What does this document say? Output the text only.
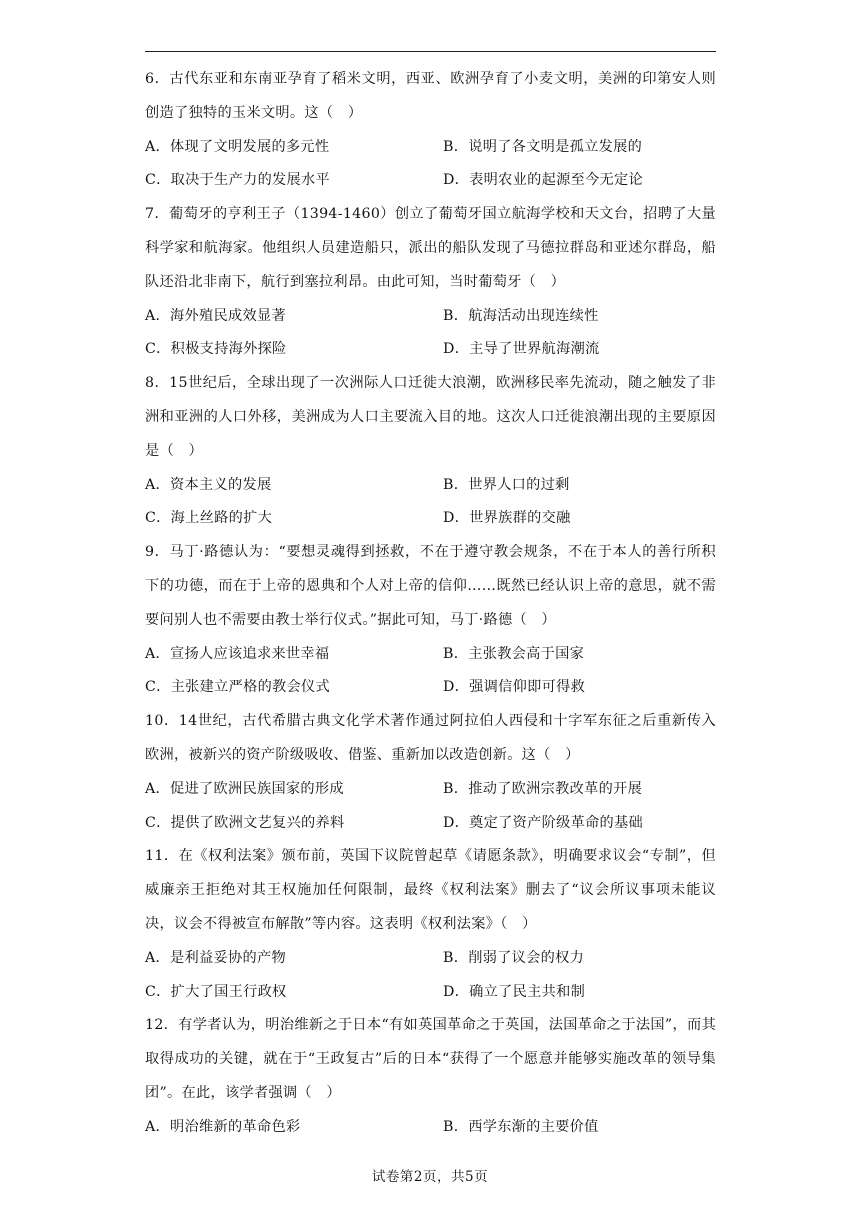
6．古代东亚和东南亚孕育了稻米文明，西亚、欧洲孕育了小麦文明，美洲的印第安人则创造了独特的玉米文明。这（　）
A．体现了文明发展的多元性	B．说明了各文明是孤立发展的
C．取决于生产力的发展水平	D．表明农业的起源至今无定论
7．葡萄牙的亨利王子（1394-1460）创立了葡萄牙国立航海学校和天文台，招聘了大量科学家和航海家。他组织人员建造船只，派出的船队发现了马德拉群岛和亚述尔群岛，船队还沿北非南下，航行到塞拉利昂。由此可知，当时葡萄牙（　）
A．海外殖民成效显著	B．航海活动出现连续性
C．积极支持海外探险	D．主导了世界航海潮流
8．15世纪后，全球出现了一次洲际人口迁徙大浪潮，欧洲移民率先流动，随之触发了非洲和亚洲的人口外移，美洲成为人口主要流入目的地。这次人口迁徙浪潮出现的主要原因是（　）
A．资本主义的发展	B．世界人口的过剩
C．海上丝路的扩大	D．世界族群的交融
9．马丁·路德认为：“要想灵魂得到拯救，不在于遵守教会规条，不在于本人的善行所积下的功德，而在于上帝的恩典和个人对上帝的信仰……既然已经认识上帝的意思，就不需要问别人也不需要由教士举行仪式。”据此可知，马丁·路德（　）
A．宣扬人应该追求来世幸福	B．主张教会高于国家
C．主张建立严格的教会仪式	D．强调信仰即可得救
10．14世纪，古代希腊古典文化学术著作通过阿拉伯人西侵和十字军东征之后重新传入欧洲，被新兴的资产阶级吸收、借鉴、重新加以改造创新。这（　）
A．促进了欧洲民族国家的形成	B．推动了欧洲宗教改革的开展
C．提供了欧洲文艺复兴的养料	D．奠定了资产阶级革命的基础
11．在《权利法案》颁布前，英国下议院曾起草《请愿条款》，明确要求议会“专制”，但威廉亲王拒绝对其王权施加任何限制，最终《权利法案》删去了“议会所议事项未能议决，议会不得被宣布解散”等内容。这表明《权利法案》（　）
A．是利益妥协的产物	B．削弱了议会的权力
C．扩大了国王行政权	D．确立了民主共和制
12．有学者认为，明治维新之于日本“有如英国革命之于英国，法国革命之于法国”，而其取得成功的关键，就在于“王政复古”后的日本“获得了一个愿意并能够实施改革的领导集团”。在此，该学者强调（　）
A．明治维新的革命色彩	B．西学东渐的主要价值
试卷第2页，共5页
